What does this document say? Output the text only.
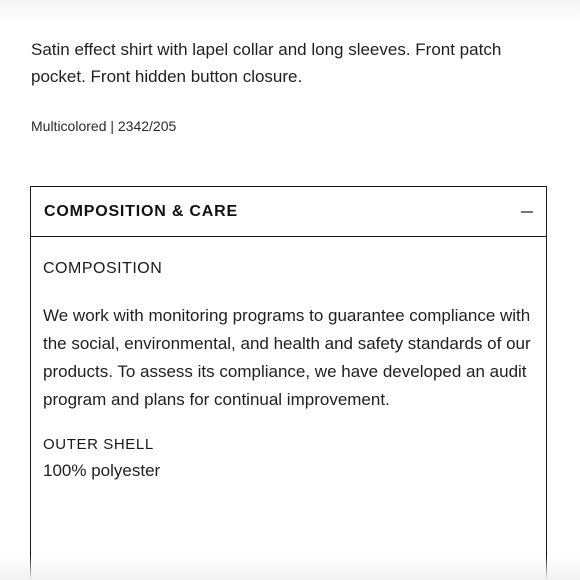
Satin effect shirt with lapel collar and long sleeves. Front patch pocket. Front hidden button closure.

Multicolored | 2342/205

COMPOSITION & CARE

COMPOSITION

We work with monitoring programs to guarantee compliance with the social, environmental, and health and safety standards of our products. To assess its compliance, we have developed an audit program and plans for continual improvement.

OUTER SHELL

100% polyester
